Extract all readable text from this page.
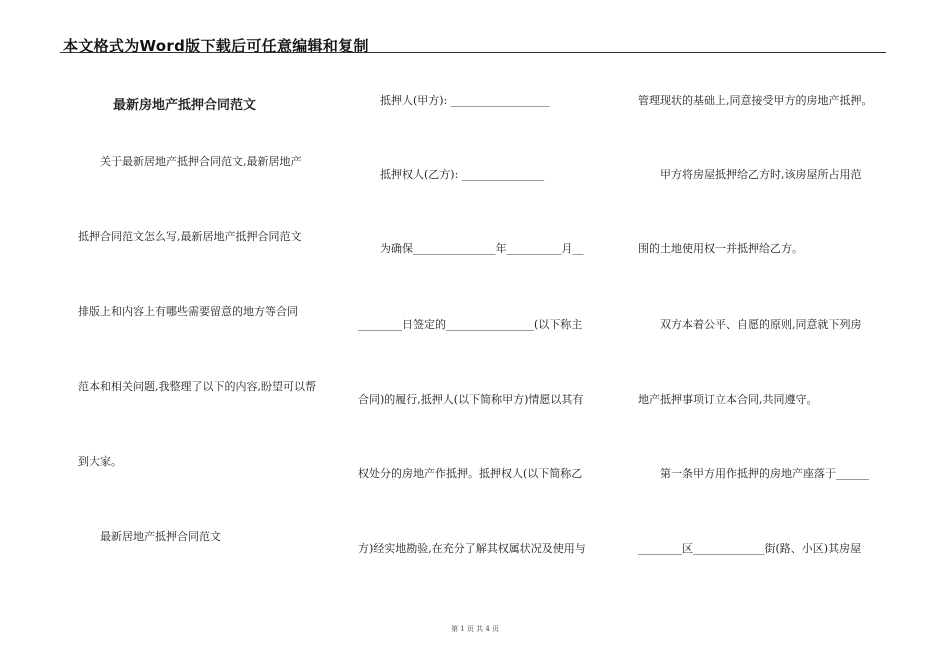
本文格式为Word版下载后可任意编辑和复制
最新房地产抵押合同范文
　　关于最新居地产抵押合同范文,最新居地产
抵押合同范文怎么写,最新居地产抵押合同范文
排版上和内容上有哪些需要留意的地方等合同
范本和相关问题,我整理了以下的内容,盼望可以帮
到大家。
　　最新居地产抵押合同范文
　　抵押人(甲方): __________________
　　抵押权人(乙方): _______________
　　为确保_______________年__________月__
________日签定的________________(以下称主
合同)的履行,抵押人(以下简称甲方)情愿以其有
权处分的房地产作抵押。抵押权人(以下简称乙
方)经实地勘验,在充分了解其权属状况及使用与
管理现状的基础上,同意接受甲方的房地产抵押。
　　甲方将房屋抵押给乙方时,该房屋所占用范
围的土地使用权一并抵押给乙方。
　　双方本着公平、自愿的原则,同意就下列房
地产抵押事项订立本合同,共同遵守。
　　第一条甲方用作抵押的房地产座落于______
________区_____________街(路、小区)其房屋
第 1 页 共 4 页
